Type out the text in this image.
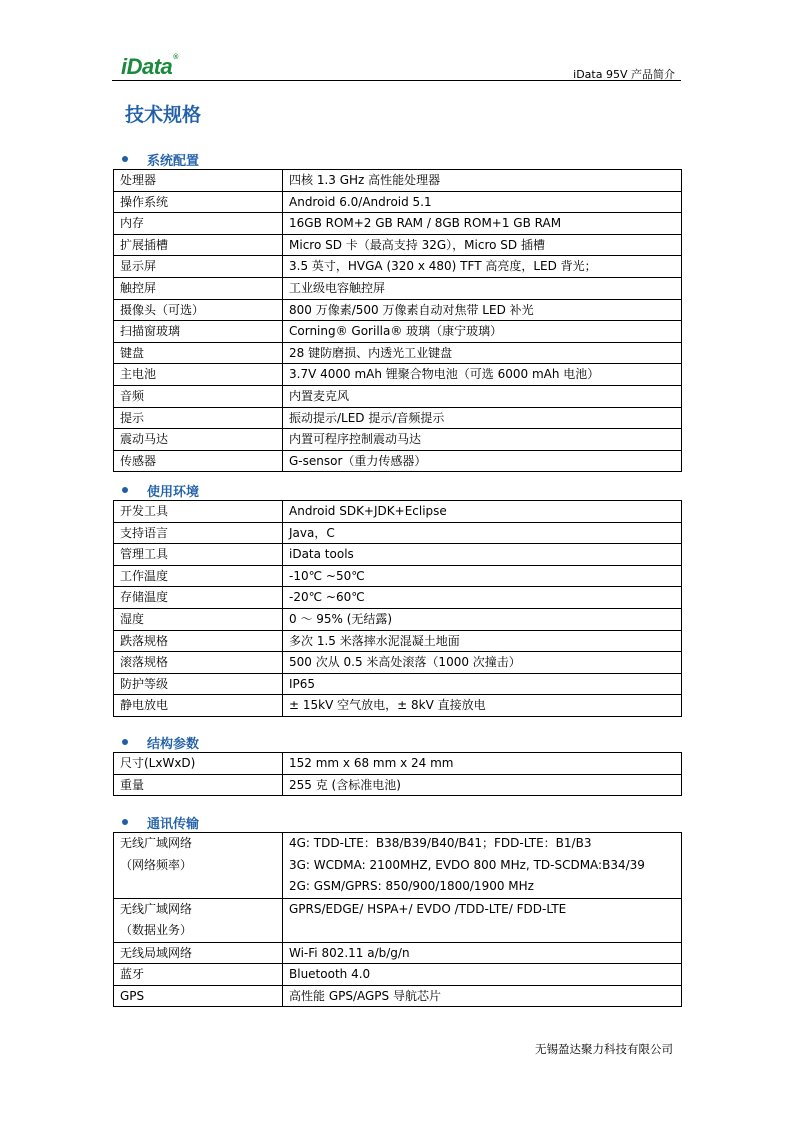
iData®
iData 95V 产品简介
技术规格
系统配置
处理器	四核 1.3 GHz 高性能处理器
操作系统	Android 6.0/Android 5.1
内存	16GB ROM+2 GB RAM / 8GB ROM+1 GB RAM
扩展插槽	Micro SD 卡（最高支持 32G），Micro SD 插槽
显示屏	3.5 英寸，HVGA (320 x 480) TFT 高亮度，LED 背光；
触控屏	工业级电容触控屏
摄像头（可选）	800 万像素/500 万像素自动对焦带 LED 补光
扫描窗玻璃	Corning® Gorilla® 玻璃（康宁玻璃）
键盘	28 键防磨损、内透光工业键盘
主电池	3.7V 4000 mAh 锂聚合物电池（可选 6000 mAh 电池）
音频	内置麦克风
提示	振动提示/LED 提示/音频提示
震动马达	内置可程序控制震动马达
传感器	G-sensor（重力传感器）
使用环境
开发工具	Android SDK+JDK+Eclipse
支持语言	Java，C
管理工具	iData tools
工作温度	-10℃ ~50℃
存储温度	-20℃ ~60℃
湿度	0 ～ 95% (无结露)
跌落规格	多次 1.5 米落摔水泥混凝土地面
滚落规格	500 次从 0.5 米高处滚落（1000 次撞击）
防护等级	IP65
静电放电	± 15kV 空气放电，± 8kV 直接放电
结构参数
尺寸(LxWxD)	152 mm x 68 mm x 24 mm
重量	255 克 (含标准电池)
通讯传输
无线广域网络
（网络频率）	4G: TDD-LTE：B38/B39/B40/B41；FDD-LTE：B1/B3
3G: WCDMA: 2100MHZ, EVDO 800 MHz, TD-SCDMA:B34/39
2G: GSM/GPRS: 850/900/1800/1900 MHz

无线广域网络
（数据业务）	GPRS/EDGE/ HSPA+/ EVDO /TDD-LTE/ FDD-LTE

无线局域网络	Wi-Fi 802.11 a/b/g/n
蓝牙	Bluetooth 4.0
GPS	高性能 GPS/AGPS 导航芯片
无锡盈达聚力科技有限公司
